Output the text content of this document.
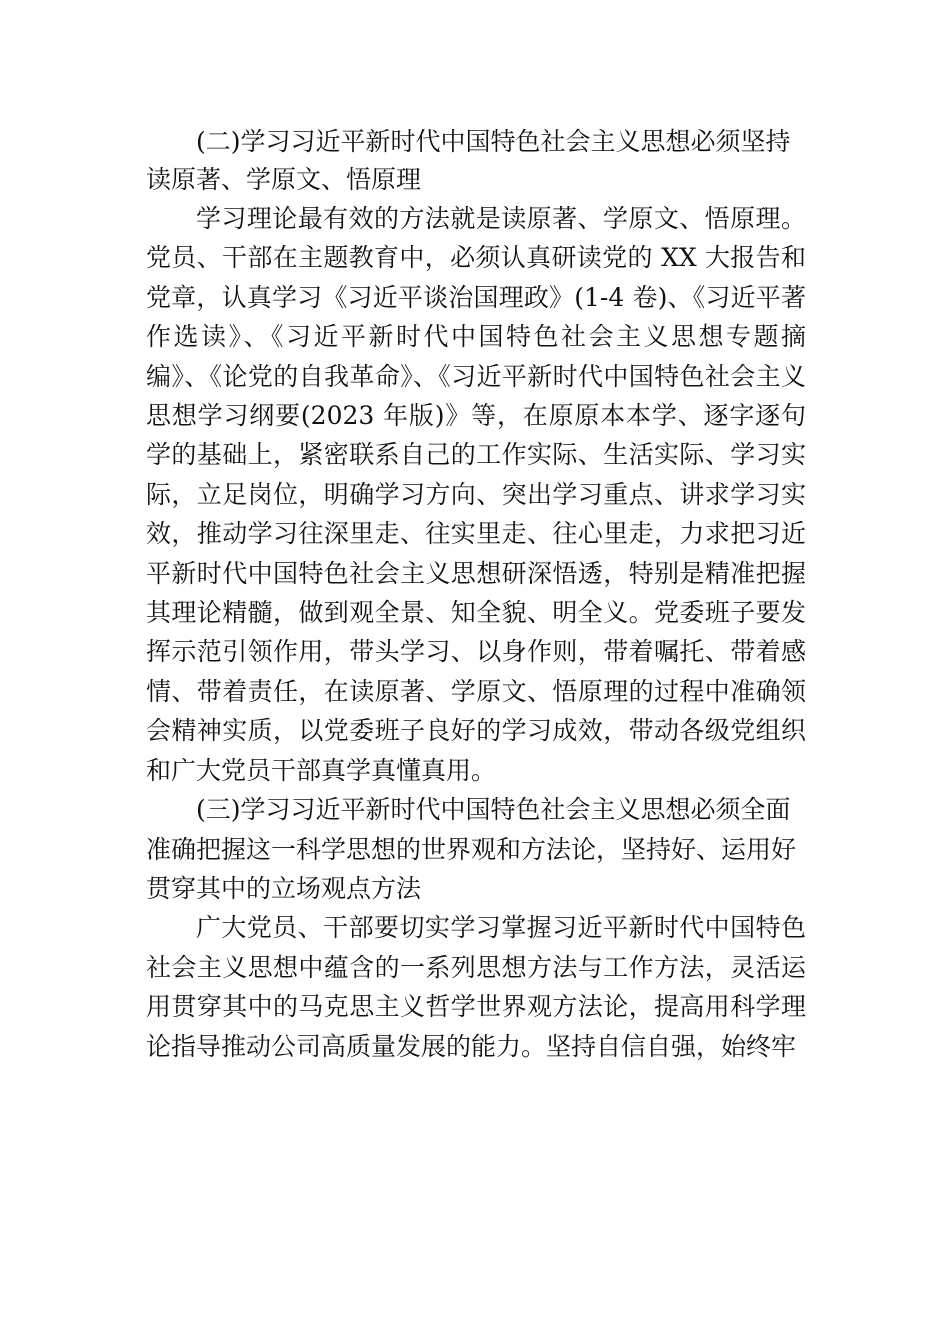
(二)学习习近平新时代中国特色社会主义思想必须坚持读原著、学原文、悟原理

学习理论最有效的方法就是读原著、学原文、悟原理。党员、干部在主题教育中，必须认真研读党的 XX 大报告和党章，认真学习《习近平谈治国理政》(1-4 卷)、《习近平著作选读》、《习近平新时代中国特色社会主义思想专题摘编》、《论党的自我革命》、《习近平新时代中国特色社会主义思想学习纲要(2023 年版)》等，在原原本本学、逐字逐句学的基础上，紧密联系自己的工作实际、生活实际、学习实际，立足岗位，明确学习方向、突出学习重点、讲求学习实效，推动学习往深里走、往实里走、往心里走，力求把习近平新时代中国特色社会主义思想研深悟透，特别是精准把握其理论精髓，做到观全景、知全貌、明全义。党委班子要发挥示范引领作用，带头学习、以身作则，带着嘱托、带着感情、带着责任，在读原著、学原文、悟原理的过程中准确领会精神实质，以党委班子良好的学习成效，带动各级党组织和广大党员干部真学真懂真用。

(三)学习习近平新时代中国特色社会主义思想必须全面准确把握这一科学思想的世界观和方法论，坚持好、运用好贯穿其中的立场观点方法

广大党员、干部要切实学习掌握习近平新时代中国特色社会主义思想中蕴含的一系列思想方法与工作方法，灵活运用贯穿其中的马克思主义哲学世界观方法论，提高用科学理论指导推动公司高质量发展的能力。坚持自信自强，始终牢
